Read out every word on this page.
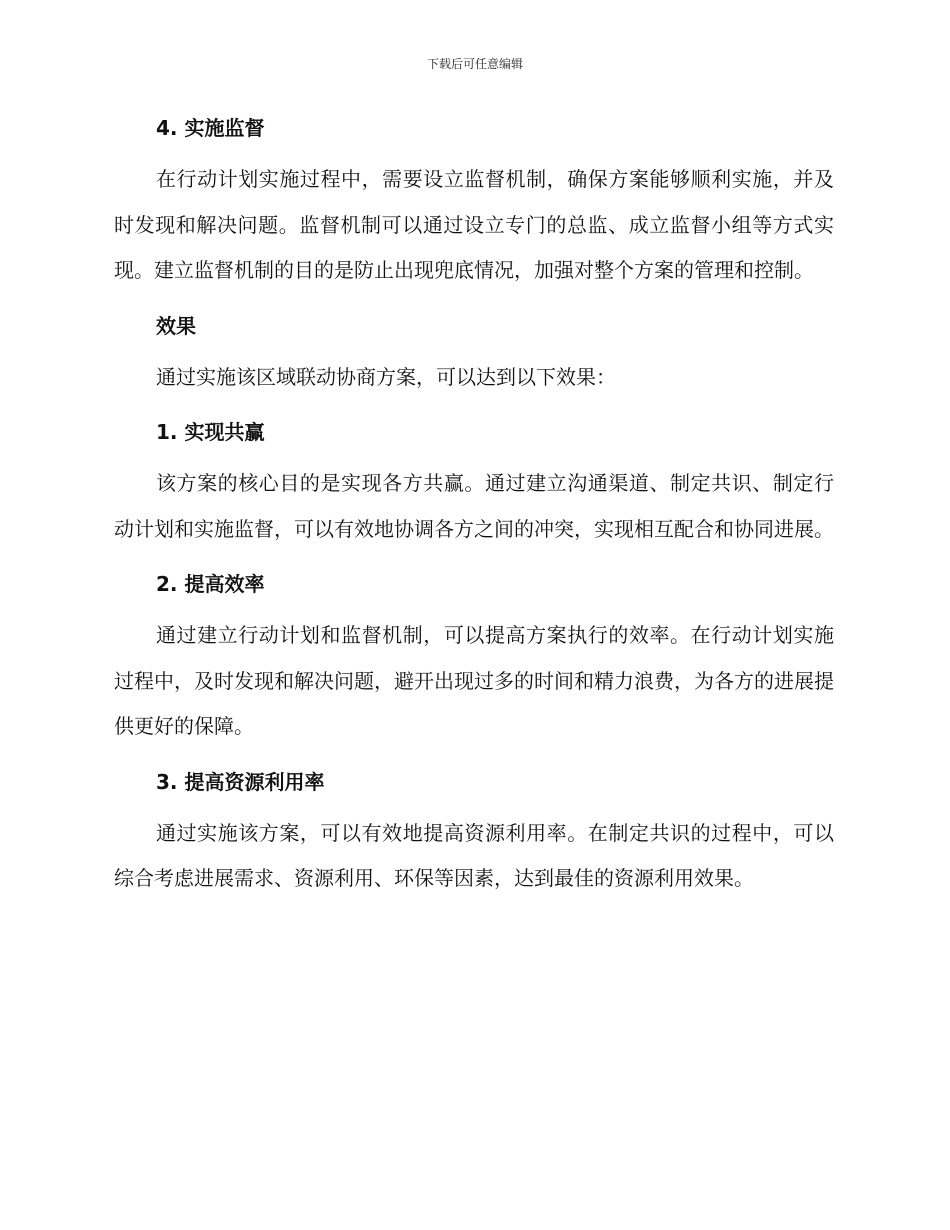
下载后可任意编辑
4. 实施监督

在行动计划实施过程中，需要设立监督机制，确保方案能够顺利实施，并及时发现和解决问题。监督机制可以通过设立专门的总监、成立监督小组等方式实现。建立监督机制的目的是防止出现兜底情况，加强对整个方案的管理和控制。

效果

通过实施该区域联动协商方案，可以达到以下效果：

1. 实现共赢

该方案的核心目的是实现各方共赢。通过建立沟通渠道、制定共识、制定行动计划和实施监督，可以有效地协调各方之间的冲突，实现相互配合和协同进展。

2. 提高效率

通过建立行动计划和监督机制，可以提高方案执行的效率。在行动计划实施过程中，及时发现和解决问题，避开出现过多的时间和精力浪费，为各方的进展提供更好的保障。

3. 提高资源利用率

通过实施该方案，可以有效地提高资源利用率。在制定共识的过程中，可以综合考虑进展需求、资源利用、环保等因素，达到最佳的资源利用效果。
